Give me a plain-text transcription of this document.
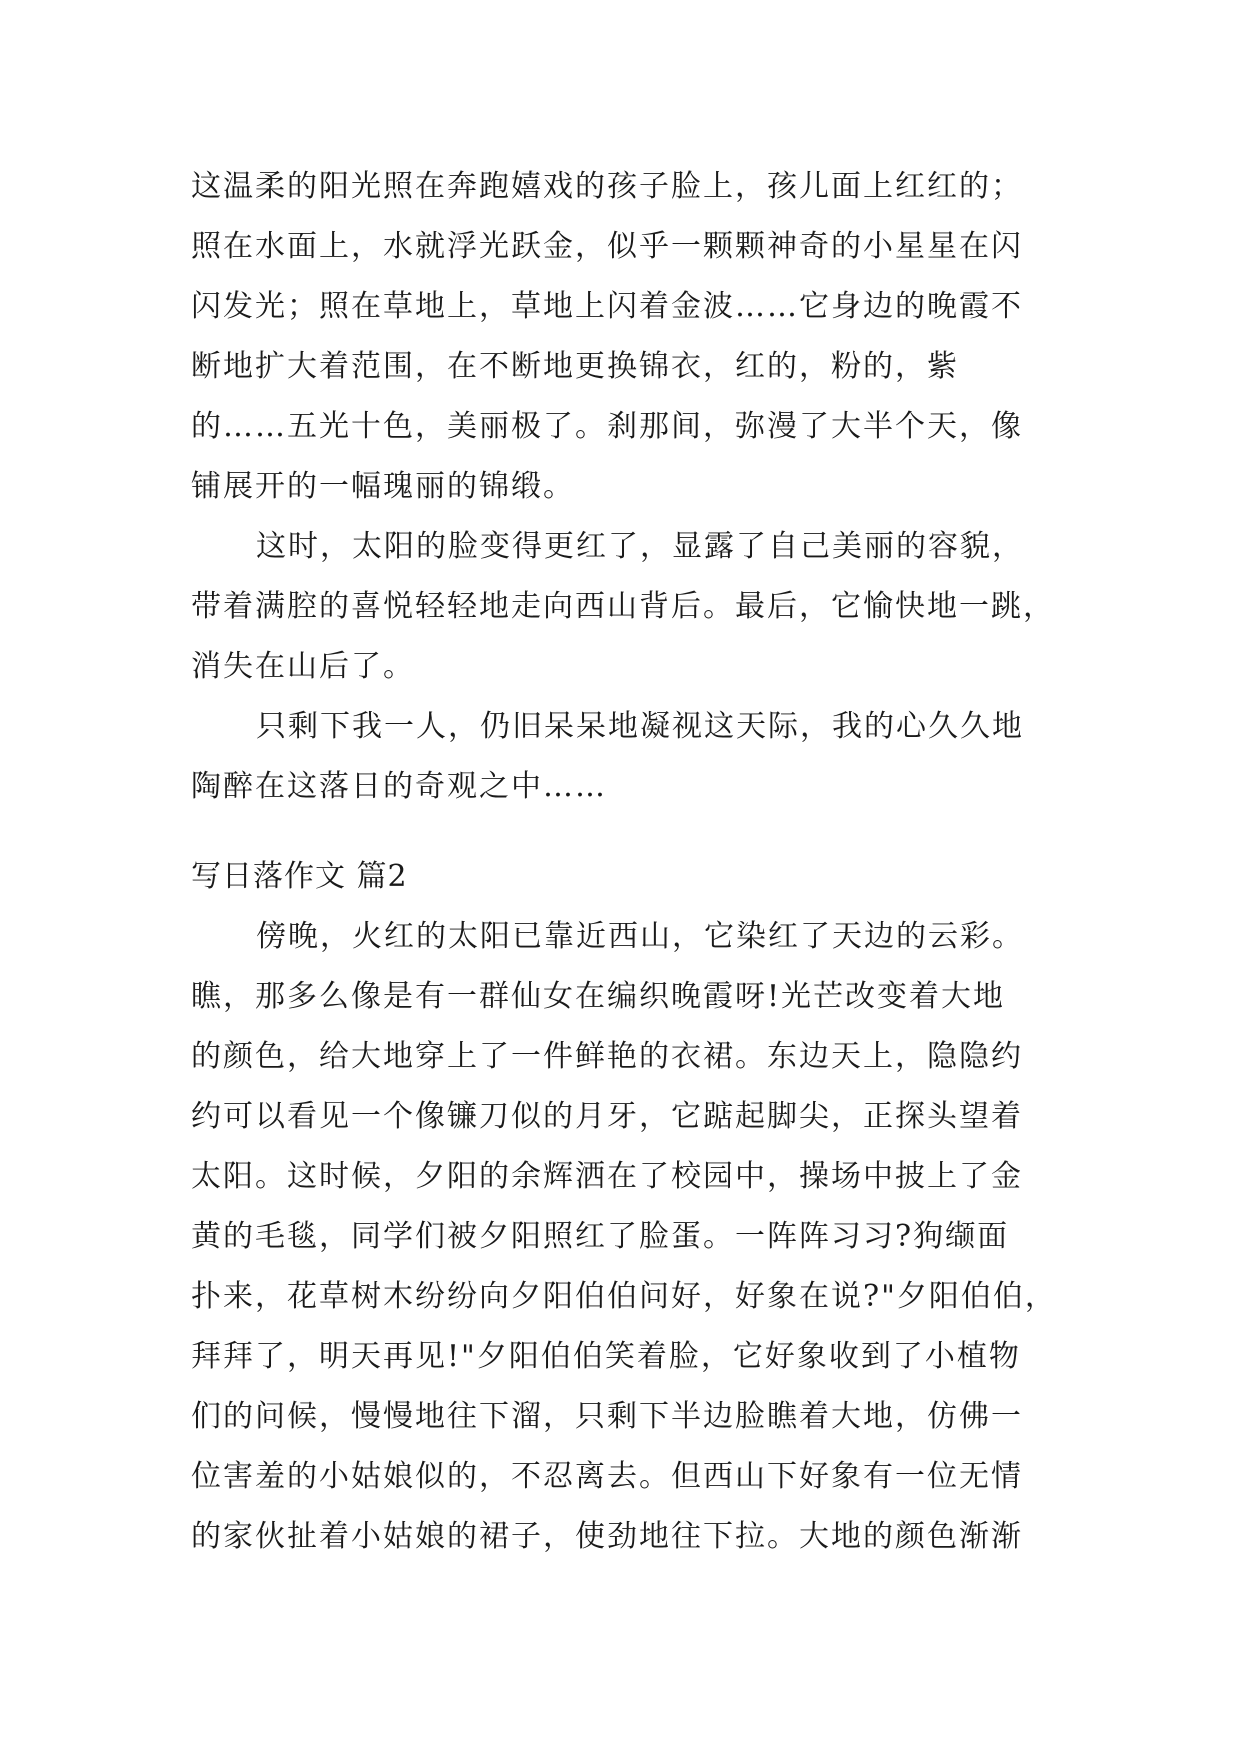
这温柔的阳光照在奔跑嬉戏的孩子脸上，孩儿面上红红的；
照在水面上，水就浮光跃金，似乎一颗颗神奇的小星星在闪
闪发光；照在草地上，草地上闪着金波……它身边的晚霞不
断地扩大着范围，在不断地更换锦衣，红的，粉的，紫
的……五光十色，美丽极了。刹那间，弥漫了大半个天，像
铺展开的一幅瑰丽的锦缎。
这时，太阳的脸变得更红了，显露了自己美丽的容貌，
带着满腔的喜悦轻轻地走向西山背后。最后，它愉快地一跳，
消失在山后了。
只剩下我一人，仍旧呆呆地凝视这天际，我的心久久地
陶醉在这落日的奇观之中……
写日落作文 篇2
傍晚，火红的太阳已靠近西山，它染红了天边的云彩。
瞧，那多么像是有一群仙女在编织晚霞呀!光芒改变着大地
的颜色，给大地穿上了一件鲜艳的衣裙。东边天上，隐隐约
约可以看见一个像镰刀似的月牙，它踮起脚尖，正探头望着
太阳。这时候，夕阳的余辉洒在了校园中，操场中披上了金
黄的毛毯，同学们被夕阳照红了脸蛋。一阵阵习习?狗缬面
扑来，花草树木纷纷向夕阳伯伯问好，好象在说?"夕阳伯伯，
拜拜了，明天再见!"夕阳伯伯笑着脸，它好象收到了小植物
们的问候，慢慢地往下溜，只剩下半边脸瞧着大地，仿佛一
位害羞的小姑娘似的，不忍离去。但西山下好象有一位无情
的家伙扯着小姑娘的裙子，使劲地往下拉。大地的颜色渐渐
